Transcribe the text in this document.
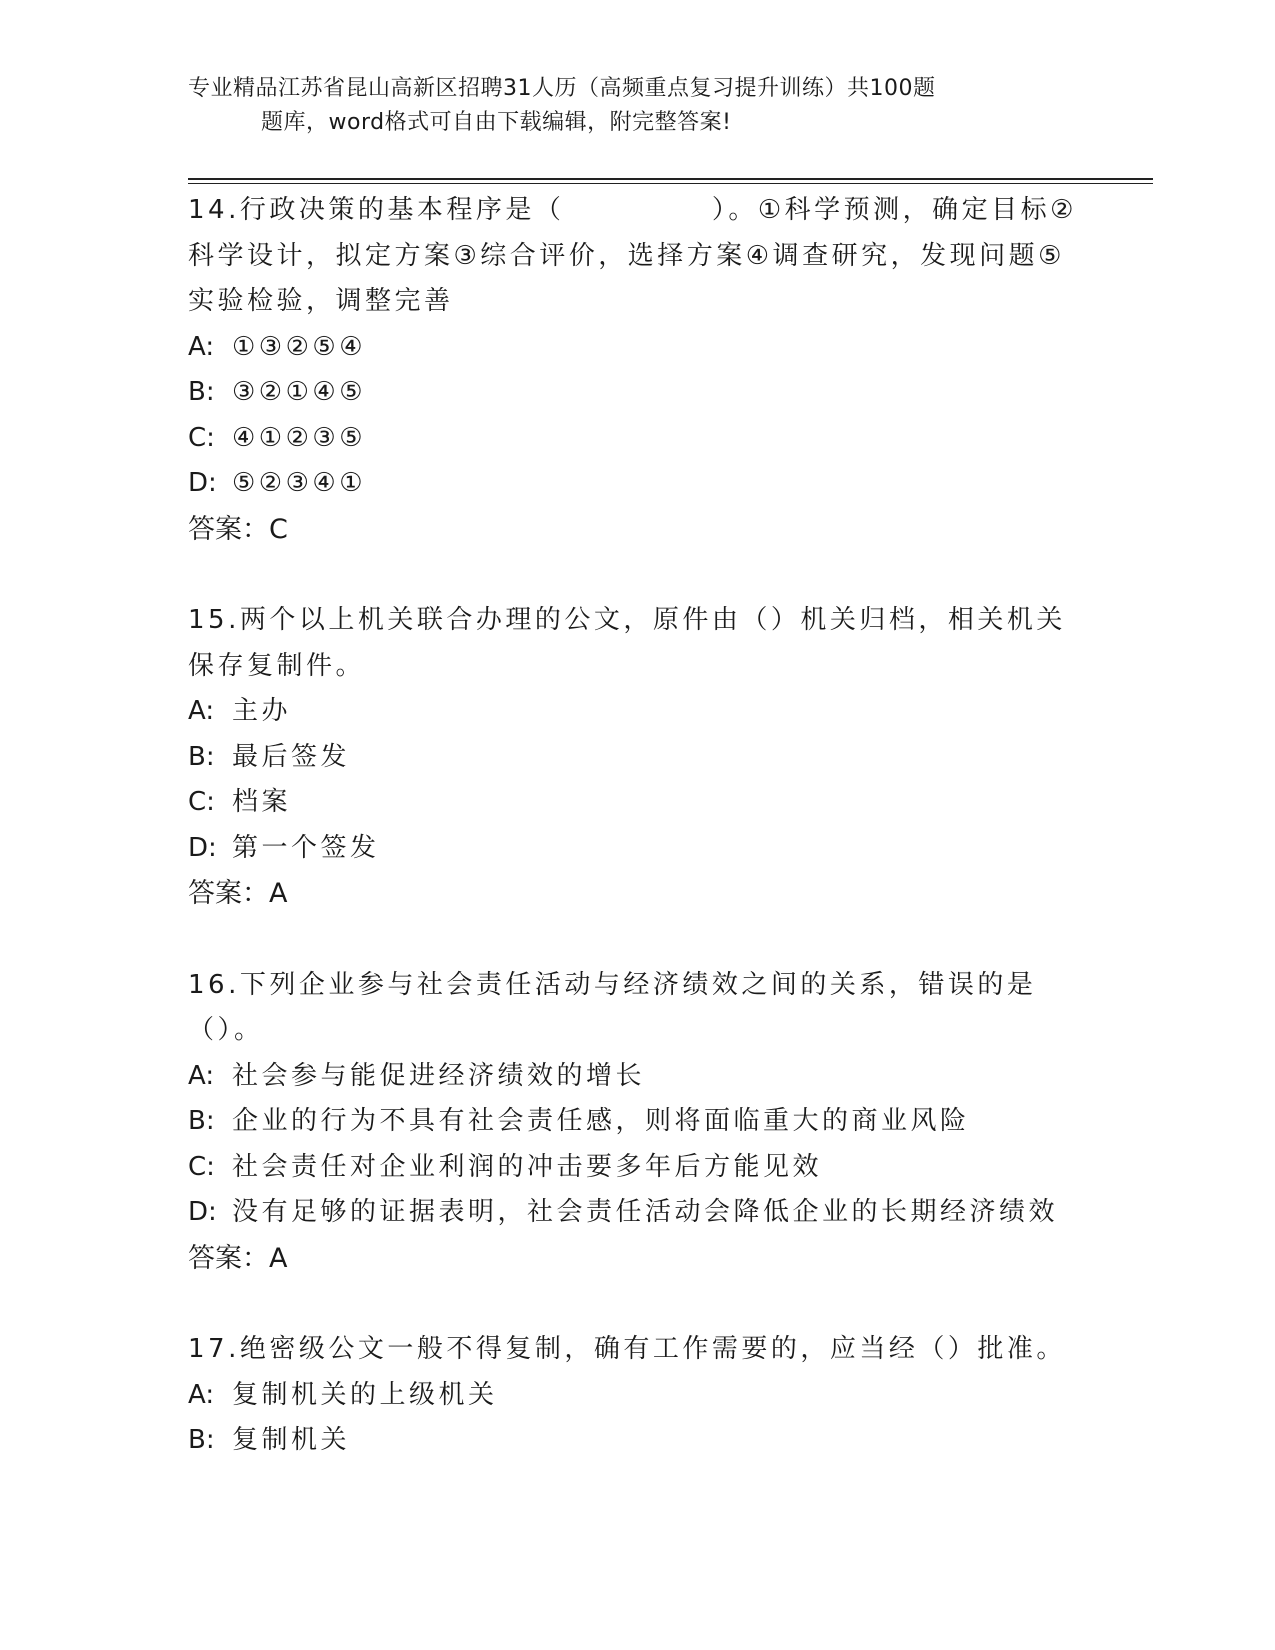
专业精品江苏省昆山高新区招聘31人历（高频重点复习提升训练）共100题
题库，word格式可自由下载编辑，附完整答案!

14.行政决策的基本程序是（　　　　　）。①科学预测，确定目标②科学设计，拟定方案③综合评价，选择方案④调查研究，发现问题⑤实验检验，调整完善

A: ①③②⑤④

B: ③②①④⑤

C: ④①②③⑤

D: ⑤②③④①

答案：C

15.两个以上机关联合办理的公文，原件由（）机关归档，相关机关保存复制件。

A: 主办

B: 最后签发

C: 档案

D: 第一个签发

答案：A

16.下列企业参与社会责任活动与经济绩效之间的关系，错误的是（）。

A: 社会参与能促进经济绩效的增长

B: 企业的行为不具有社会责任感，则将面临重大的商业风险

C: 社会责任对企业利润的冲击要多年后方能见效

D: 没有足够的证据表明，社会责任活动会降低企业的长期经济绩效

答案：A

17.绝密级公文一般不得复制，确有工作需要的，应当经（）批准。

A: 复制机关的上级机关

B: 复制机关
